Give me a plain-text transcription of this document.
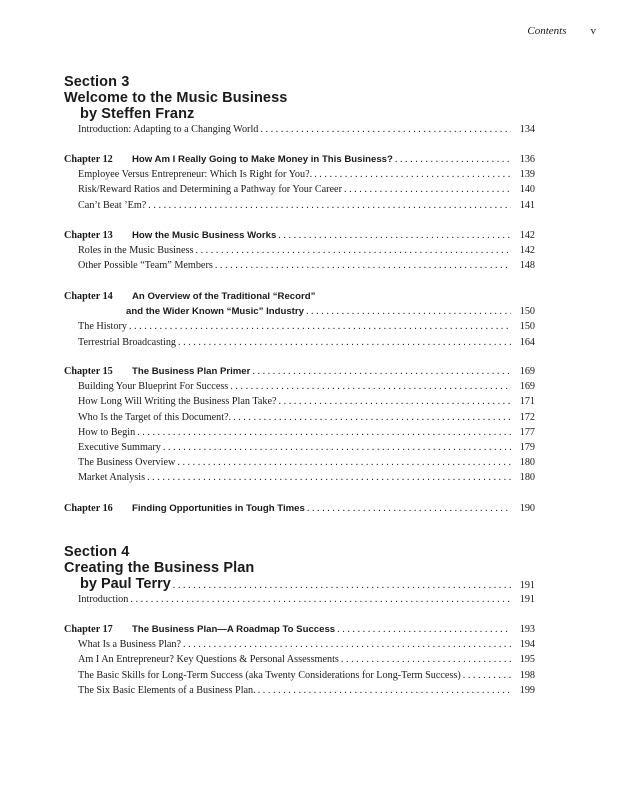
Contents v
Section 3
Welcome to the Music Business
by Steffen Franz
Introduction: Adapting to a Changing World . . .	134
Chapter 12	How Am I Really Going to Make Money in This Business? . . .	136
Employee Versus Entrepreneur: Which Is Right for You?. . . .	139
Risk/Reward Ratios and Determining a Pathway for Your Career . . .	140
Can’t Beat ’Em? . . .	141
Chapter 13	How the Music Business Works . . .	142
Roles in the Music Business . . .	142
Other Possible “Team” Members . . .	148
Chapter 14 An Overview of the Traditional “Record”
and the Wider Known “Music” Industry . . .	150
The History . . .	150
Terrestrial Broadcasting . . .	164
Chapter 15	The Business Plan Primer . . .	169
Building Your Blueprint For Success . . .	169
How Long Will Writing the Business Plan Take? . . .	171
Who Is the Target of this Document?. . . .	172
How to Begin . . .	177
Executive Summary . . .	179
The Business Overview . . .	180
Market Analysis . . .	180
Chapter 16	Finding Opportunities in Tough Times . . .	190
Section 4
Creating the Business Plan
by Paul Terry . . .	191
Introduction . . .	191
Chapter 17	The Business Plan—A Roadmap To Success . . .	193
What Is a Business Plan? . . .	194
Am I An Entrepreneur? Key Questions & Personal Assessments . . .	195
The Basic Skills for Long-Term Success (aka Twenty Considerations for Long-Term Success) . . .	198
The Six Basic Elements of a Business Plan. . . .	199
